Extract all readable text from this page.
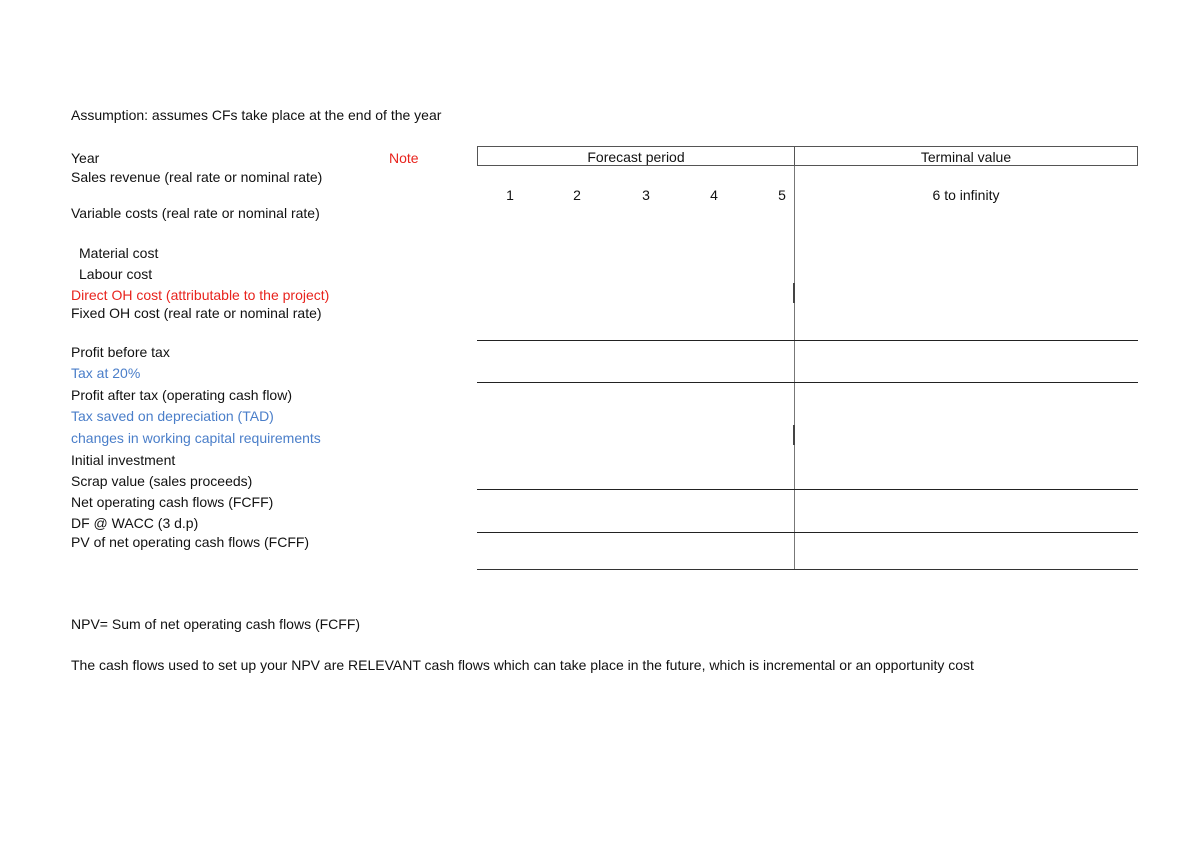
Assumption: assumes CFs take place at the end of the year
Year	Note	Forecast period	Terminal value
1	2	3	4	5	6 to infinity
Sales revenue (real rate or nominal rate)
Variable costs (real rate or nominal rate)
Material cost
Labour cost
Direct OH cost (attributable to the project)
Fixed OH cost (real rate or nominal rate)
Profit before tax
Tax at 20%
Profit after tax (operating cash flow)
Tax saved on depreciation (TAD)
changes in working capital requirements
Initial investment
Scrap value (sales proceeds)
Net operating cash flows (FCFF)
DF @ WACC (3 d.p)
PV of net operating cash flows (FCFF)
NPV= Sum of net operating cash flows (FCFF)
The cash flows used to set up your NPV are RELEVANT cash flows which can take place in the future, which is incremental or an opportunity cost
